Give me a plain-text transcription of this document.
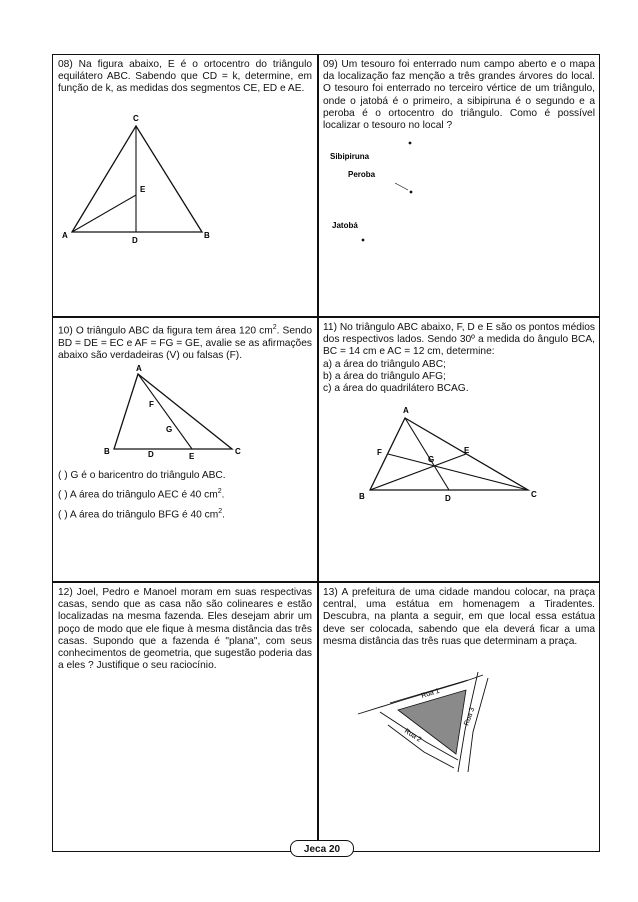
08) Na figura abaixo, E é o ortocentro do triângulo equilátero ABC. Sabendo que CD = k, determine, em função de k, as medidas dos segmentos CE, ED e AE.

C
A	B
D
E

09) Um tesouro foi enterrado num campo aberto e o mapa da localização faz menção a três grandes árvores do local. O tesouro foi enterrado no terceiro vértice de um triângulo, onde o jatobá é o primeiro, a sibipiruna é o segundo e a peroba é o ortocentro do triângulo. Como é possível localizar o tesouro no local ?

Sibipiruna
Peroba
Jatobá

10) O triângulo ABC da figura tem área 120 $cm^2$. Sendo BD = DE = EC e AF = FG = GE, avalie se as afirmações abaixo são verdadeiras (V) ou falsas (F).

A
B	C
D	E
F
G

( ) G é o baricentro do triângulo ABC.

( ) A área do triângulo AEC é 40 $cm^2$.

( ) A área do triângulo BFG é 40 $cm^2$.

11) No triângulo ABC abaixo, F, D e E são os pontos médios dos respectivos lados. Sendo 30º a medida do ângulo BCA, BC = 14 cm e AC = 12 cm, determine:

a) a área do triângulo ABC;

b) a área do triângulo AFG;

c) a área do quadrilátero BCAG.

A
B	C
D
E
F
G

12) Joel, Pedro e Manoel moram em suas respectivas casas, sendo que as casa não são colineares e estão localizadas na mesma fazenda. Eles desejam abrir um poço de modo que ele fique à mesma distância das três casas. Supondo que a fazenda é "plana", com seus conhecimentos de geometria, que sugestão poderia das a eles ? Justifique o seu raciocínio.

13) A prefeitura de uma cidade mandou colocar, na praça central, uma estátua em homenagem a Tiradentes. Descubra, na planta a seguir, em que local essa estátua deve ser colocada, sabendo que ela deverá ficar a uma mesma distância das três ruas que determinam a praça.

Rua 1
Rua 2
Rua 3
Jeca 20
